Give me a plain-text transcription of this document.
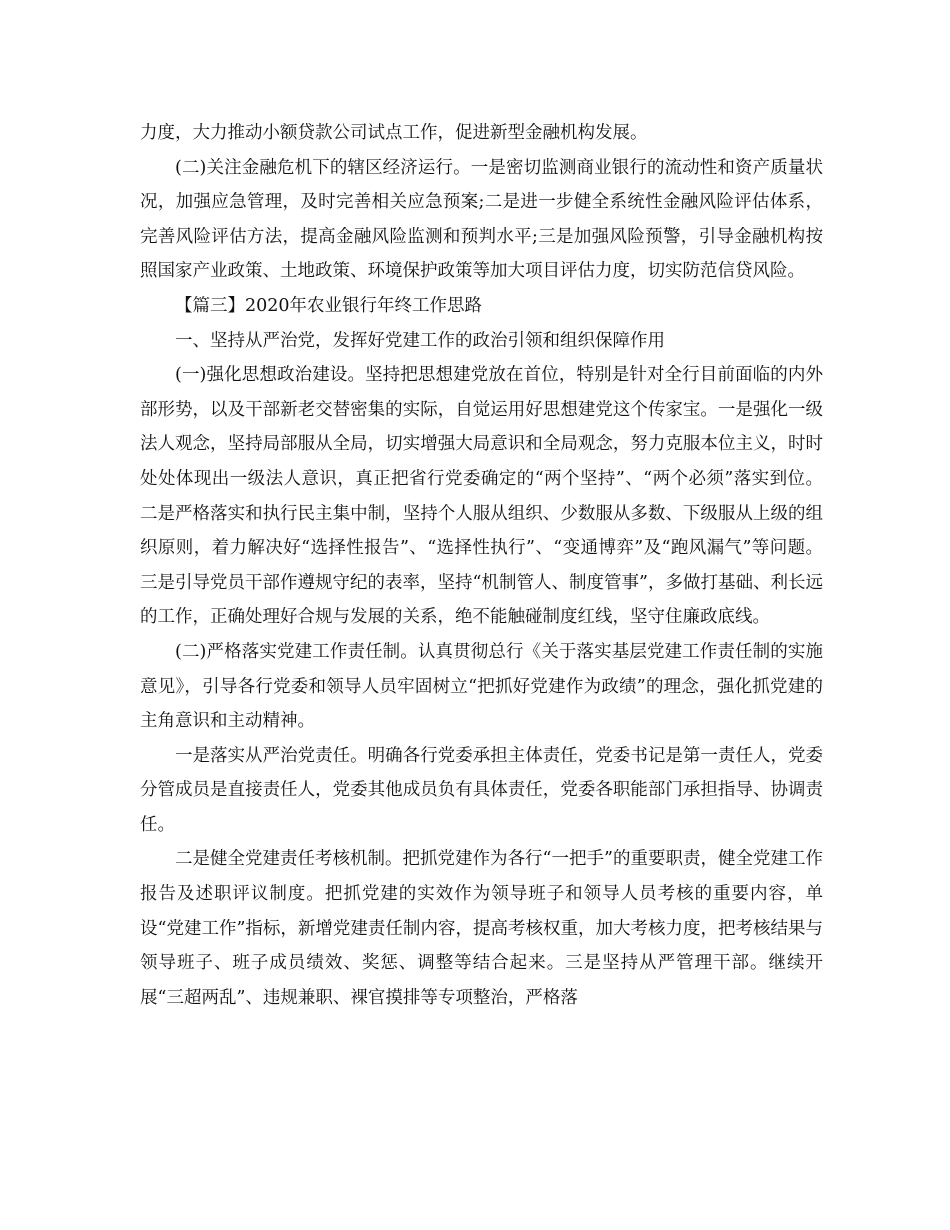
力度，大力推动小额贷款公司试点工作，促进新型金融机构发展。

(二)关注金融危机下的辖区经济运行。一是密切监测商业银行的流动性和资产质量状况，加强应急管理，及时完善相关应急预案;二是进一步健全系统性金融风险评估体系，完善风险评估方法，提高金融风险监测和预判水平;三是加强风险预警，引导金融机构按照国家产业政策、土地政策、环境保护政策等加大项目评估力度，切实防范信贷风险。

【篇三】2020年农业银行年终工作思路

一、坚持从严治党，发挥好党建工作的政治引领和组织保障作用

(一)强化思想政治建设。坚持把思想建党放在首位，特别是针对全行目前面临的内外部形势，以及干部新老交替密集的实际，自觉运用好思想建党这个传家宝。一是强化一级法人观念，坚持局部服从全局，切实增强大局意识和全局观念，努力克服本位主义，时时处处体现出一级法人意识，真正把省行党委确定的“两个坚持”、“两个必须”落实到位。二是严格落实和执行民主集中制，坚持个人服从组织、少数服从多数、下级服从上级的组织原则，着力解决好“选择性报告”、“选择性执行”、“变通博弈”及“跑风漏气”等问题。三是引导党员干部作遵规守纪的表率，坚持“机制管人、制度管事”，多做打基础、利长远的工作，正确处理好合规与发展的关系，绝不能触碰制度红线，坚守住廉政底线。

(二)严格落实党建工作责任制。认真贯彻总行《关于落实基层党建工作责任制的实施意见》，引导各行党委和领导人员牢固树立“把抓好党建作为政绩”的理念，强化抓党建的主角意识和主动精神。

一是落实从严治党责任。明确各行党委承担主体责任，党委书记是第一责任人，党委分管成员是直接责任人，党委其他成员负有具体责任，党委各职能部门承担指导、协调责任。

二是健全党建责任考核机制。把抓党建作为各行“一把手”的重要职责，健全党建工作报告及述职评议制度。把抓党建的实效作为领导班子和领导人员考核的重要内容，单设“党建工作”指标，新增党建责任制内容，提高考核权重，加大考核力度，把考核结果与领导班子、班子成员绩效、奖惩、调整等结合起来。三是坚持从严管理干部。继续开展“三超两乱”、违规兼职、裸官摸排等专项整治，严格落
